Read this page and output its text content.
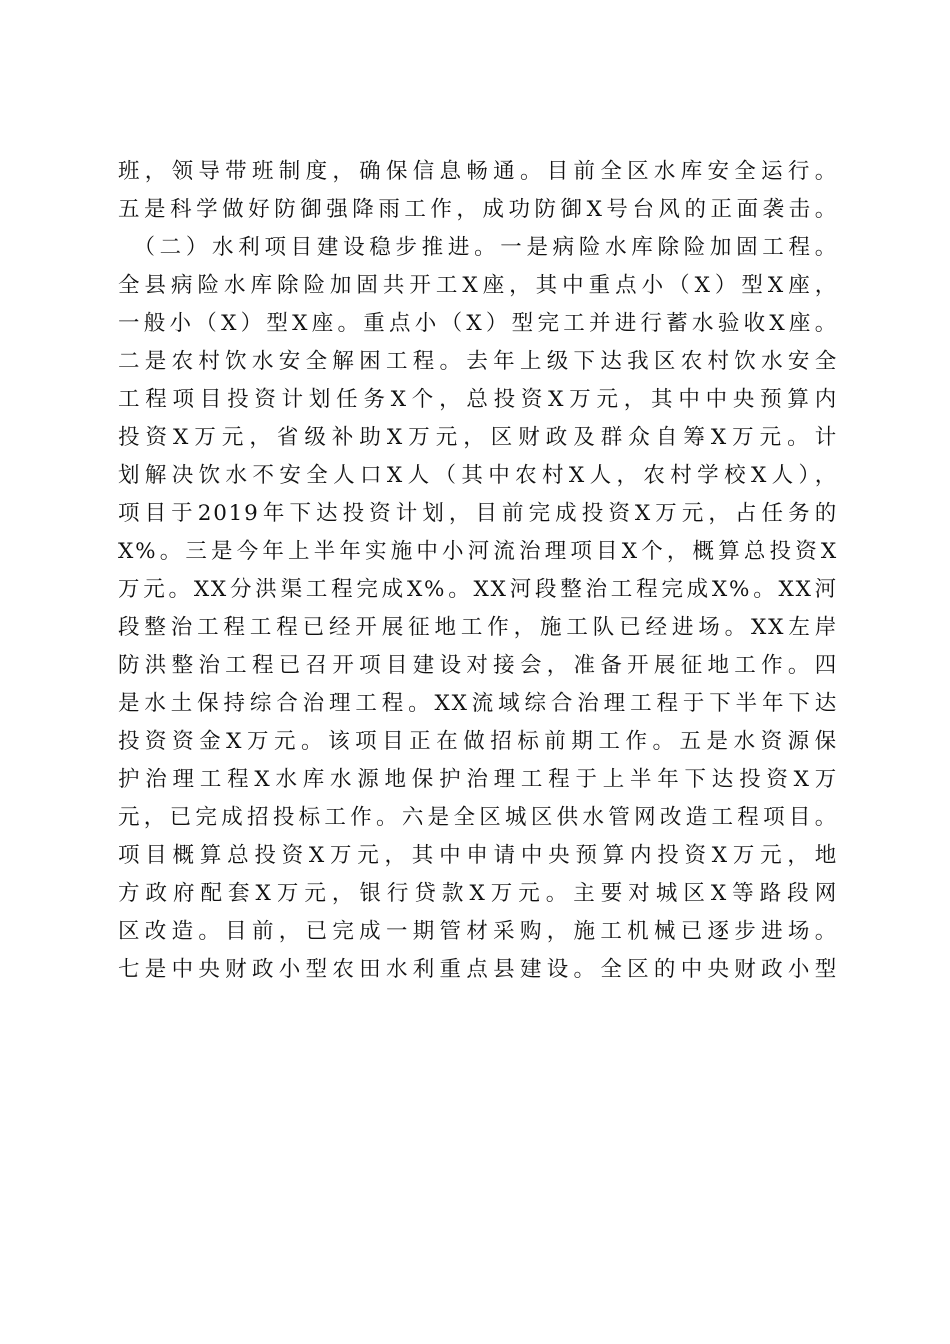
班，领导带班制度，确保信息畅通。目前全区水库安全运行。
五是科学做好防御强降雨工作，成功防御X号台风的正面袭击。
　（二）水利项目建设稳步推进。一是病险水库除险加固工程。
全县病险水库除险加固共开工X座，其中重点小（X）型X座，
一般小（X）型X座。重点小（X）型完工并进行蓄水验收X座。
二是农村饮水安全解困工程。去年上级下达我区农村饮水安全
工程项目投资计划任务X个，总投资X万元，其中中央预算内
投资X万元，省级补助X万元，区财政及群众自筹X万元。计
划解决饮水不安全人口X人（其中农村X人，农村学校X人），
项目于2019年下达投资计划，目前完成投资X万元，占任务的
X%。三是今年上半年实施中小河流治理项目X个，概算总投资X
万元。XX分洪渠工程完成X%。XX河段整治工程完成X%。XX河
段整治工程工程已经开展征地工作，施工队已经进场。XX左岸
防洪整治工程已召开项目建设对接会，准备开展征地工作。四
是水土保持综合治理工程。XX流域综合治理工程于下半年下达
投资资金X万元。该项目正在做招标前期工作。五是水资源保
护治理工程X水库水源地保护治理工程于上半年下达投资X万
元，已完成招投标工作。六是全区城区供水管网改造工程项目。
项目概算总投资X万元，其中申请中央预算内投资X万元，地
方政府配套X万元，银行贷款X万元。主要对城区X等路段网
区改造。目前，已完成一期管材采购，施工机械已逐步进场。
七是中央财政小型农田水利重点县建设。全区的中央财政小型
